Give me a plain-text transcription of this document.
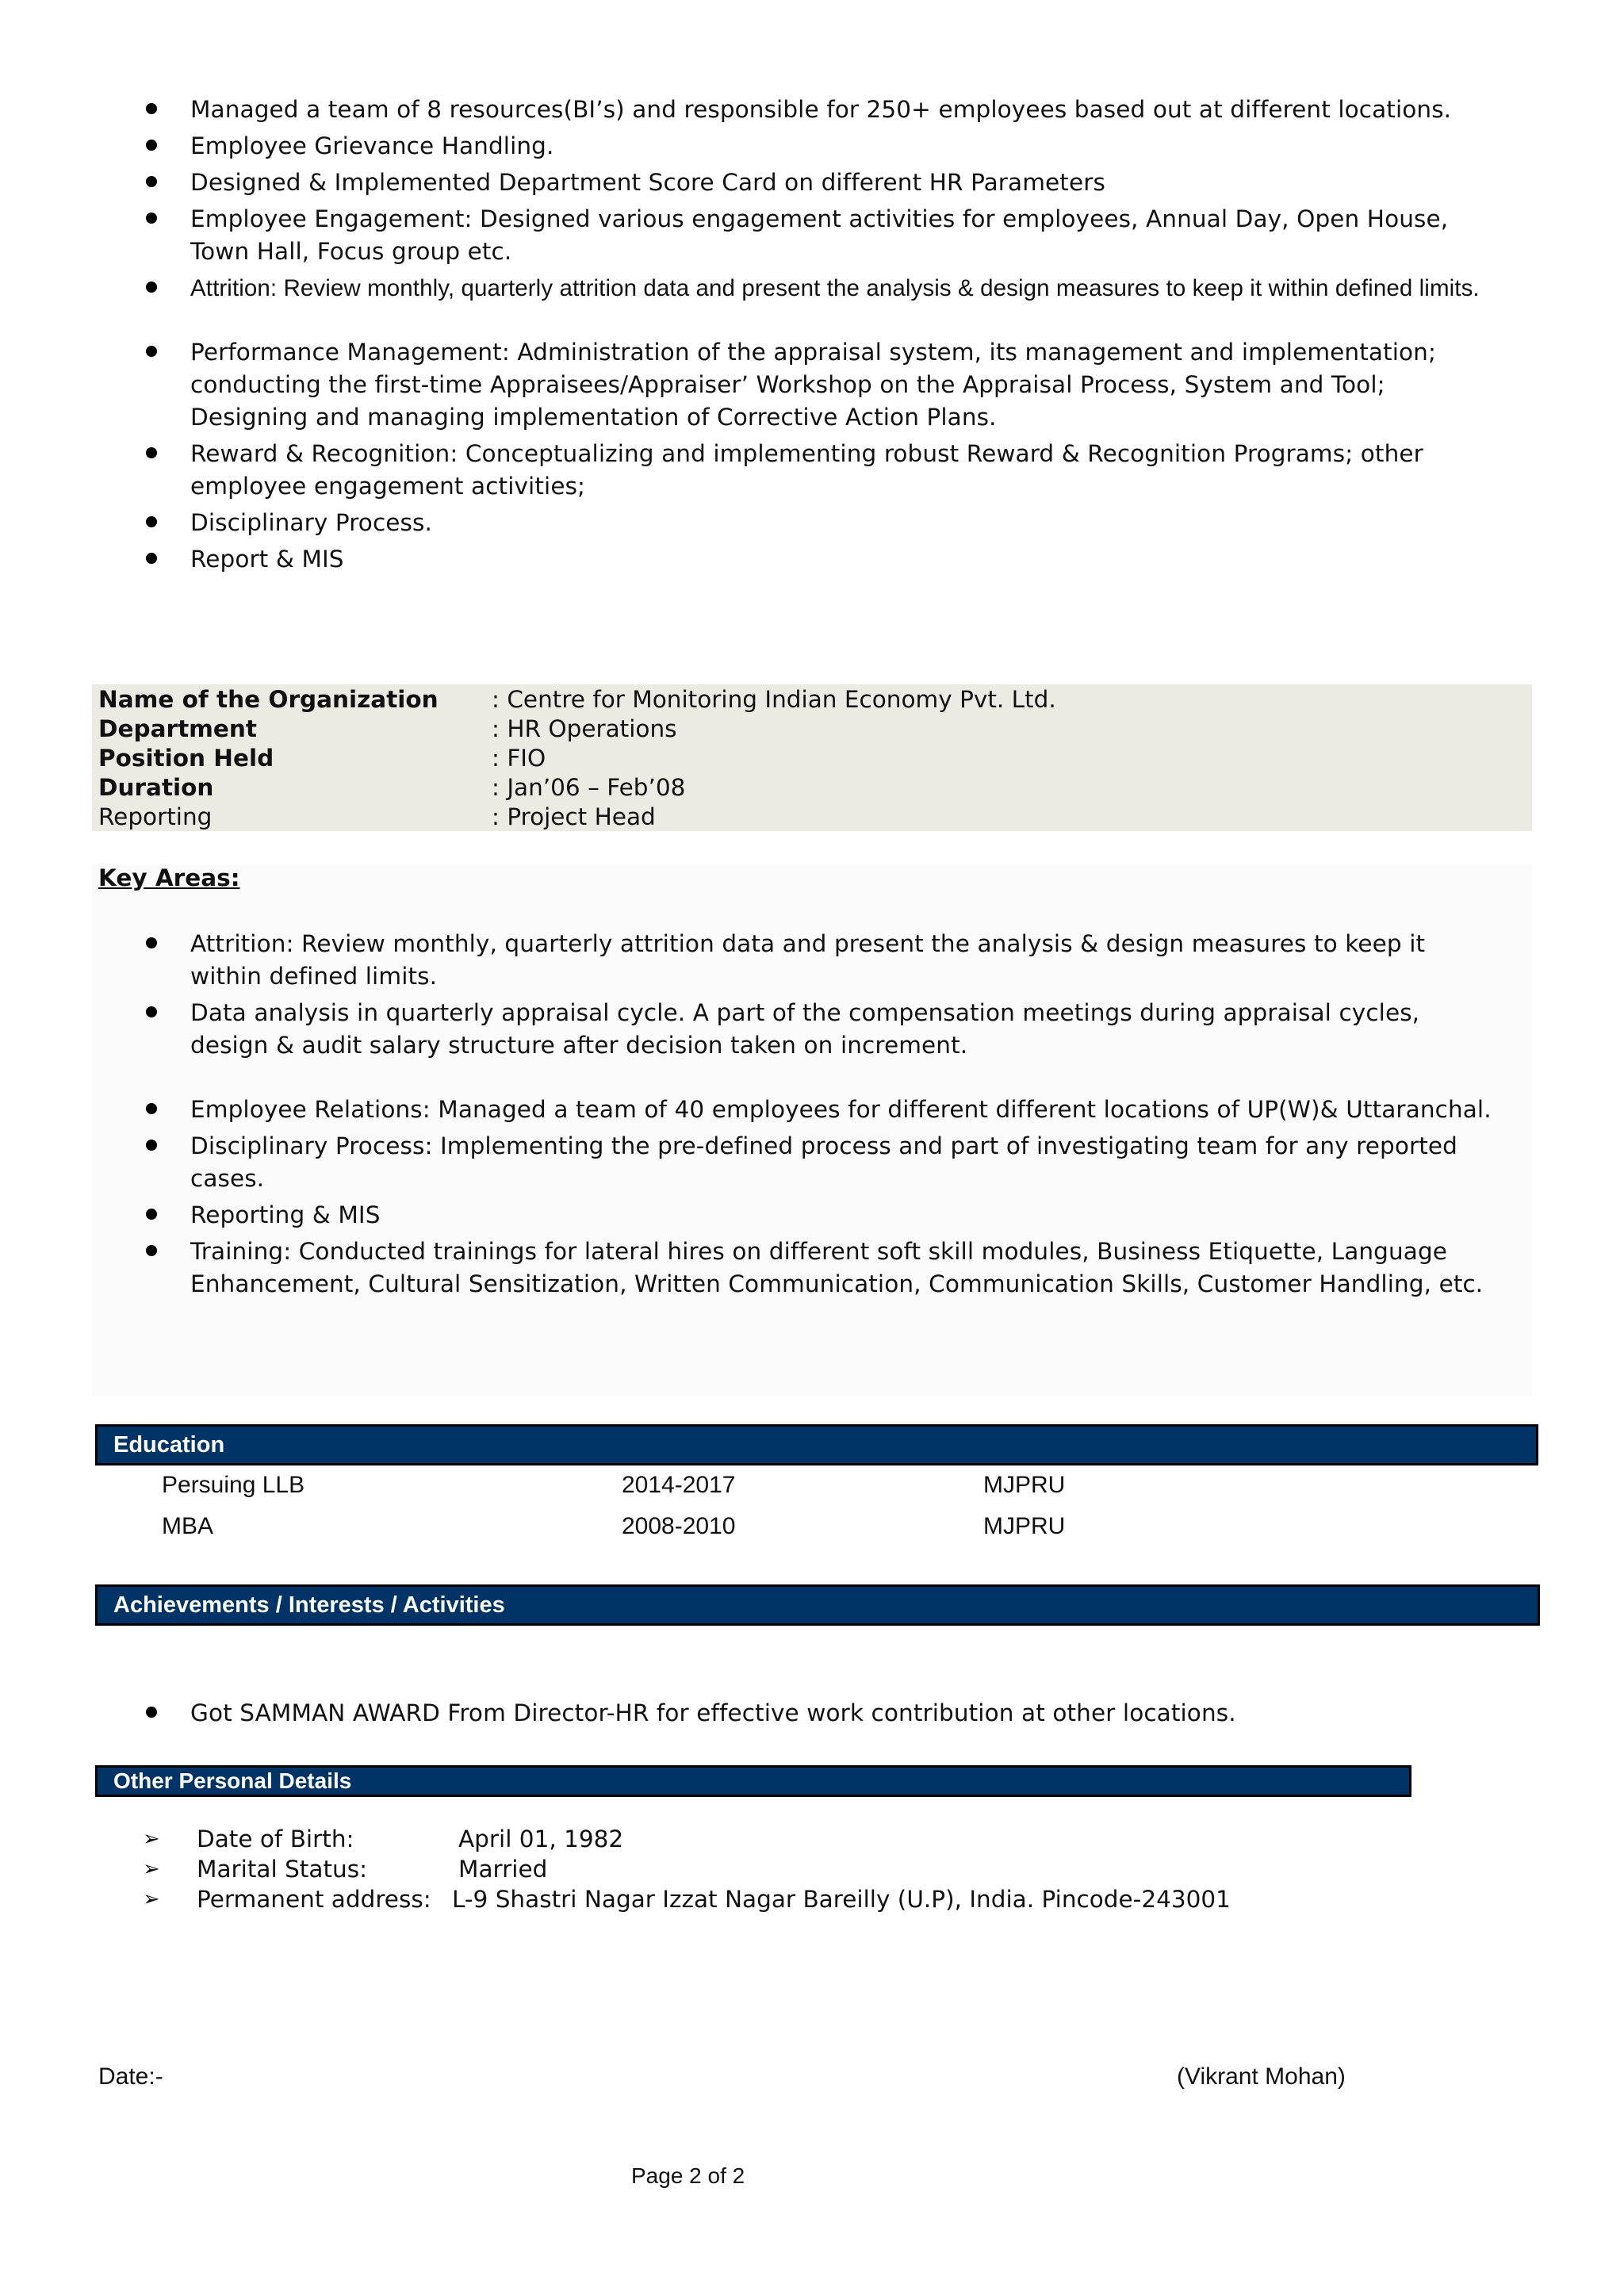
Managed a team of 8 resources(BI’s) and responsible for 250+ employees based out at different locations.
Employee Grievance Handling.
Designed & Implemented Department Score Card on different HR Parameters
Employee Engagement: Designed various engagement activities for employees, Annual Day, Open House, Town Hall, Focus group etc.
Attrition: Review monthly, quarterly attrition data and present the analysis & design measures to keep it within defined limits.
Performance Management: Administration of the appraisal system, its management and implementation; conducting the first-time Appraisees/Appraiser’ Workshop on the Appraisal Process, System and Tool; Designing and managing implementation of Corrective Action Plans.
Reward & Recognition: Conceptualizing and implementing robust Reward & Recognition Programs; other employee engagement activities;
Disciplinary Process.
Report & MIS
Name of the Organization	: Centre for Monitoring Indian Economy Pvt. Ltd.
Department	: HR Operations
Position Held	: FIO
Duration	: Jan’06 – Feb’08
Reporting	: Project Head
Key Areas:
Attrition: Review monthly, quarterly attrition data and present the analysis & design measures to keep it within defined limits.
Data analysis in quarterly appraisal cycle. A part of the compensation meetings during appraisal cycles, design & audit salary structure after decision taken on increment.
Employee Relations: Managed a team of 40 employees for different different locations of UP(W)& Uttaranchal.
Disciplinary Process: Implementing the pre-defined process and part of investigating team for any reported cases.
Reporting & MIS
Training: Conducted trainings for lateral hires on different soft skill modules, Business Etiquette, Language Enhancement, Cultural Sensitization, Written Communication, Communication Skills, Customer Handling, etc.
Education
Persuing LLB	2014-2017	MJPRU
MBA	2008-2010	MJPRU
Achievements / Interests / Activities
Got SAMMAN AWARD From Director-HR for effective work contribution at other locations.
Other Personal Details
➢ Date of Birth:	April 01, 1982
➢ Marital Status:	Married
➢ Permanent address: L-9 Shastri Nagar Izzat Nagar Bareilly (U.P), India. Pincode-243001
Date:-	(Vikrant Mohan)
Page 2 of 2
